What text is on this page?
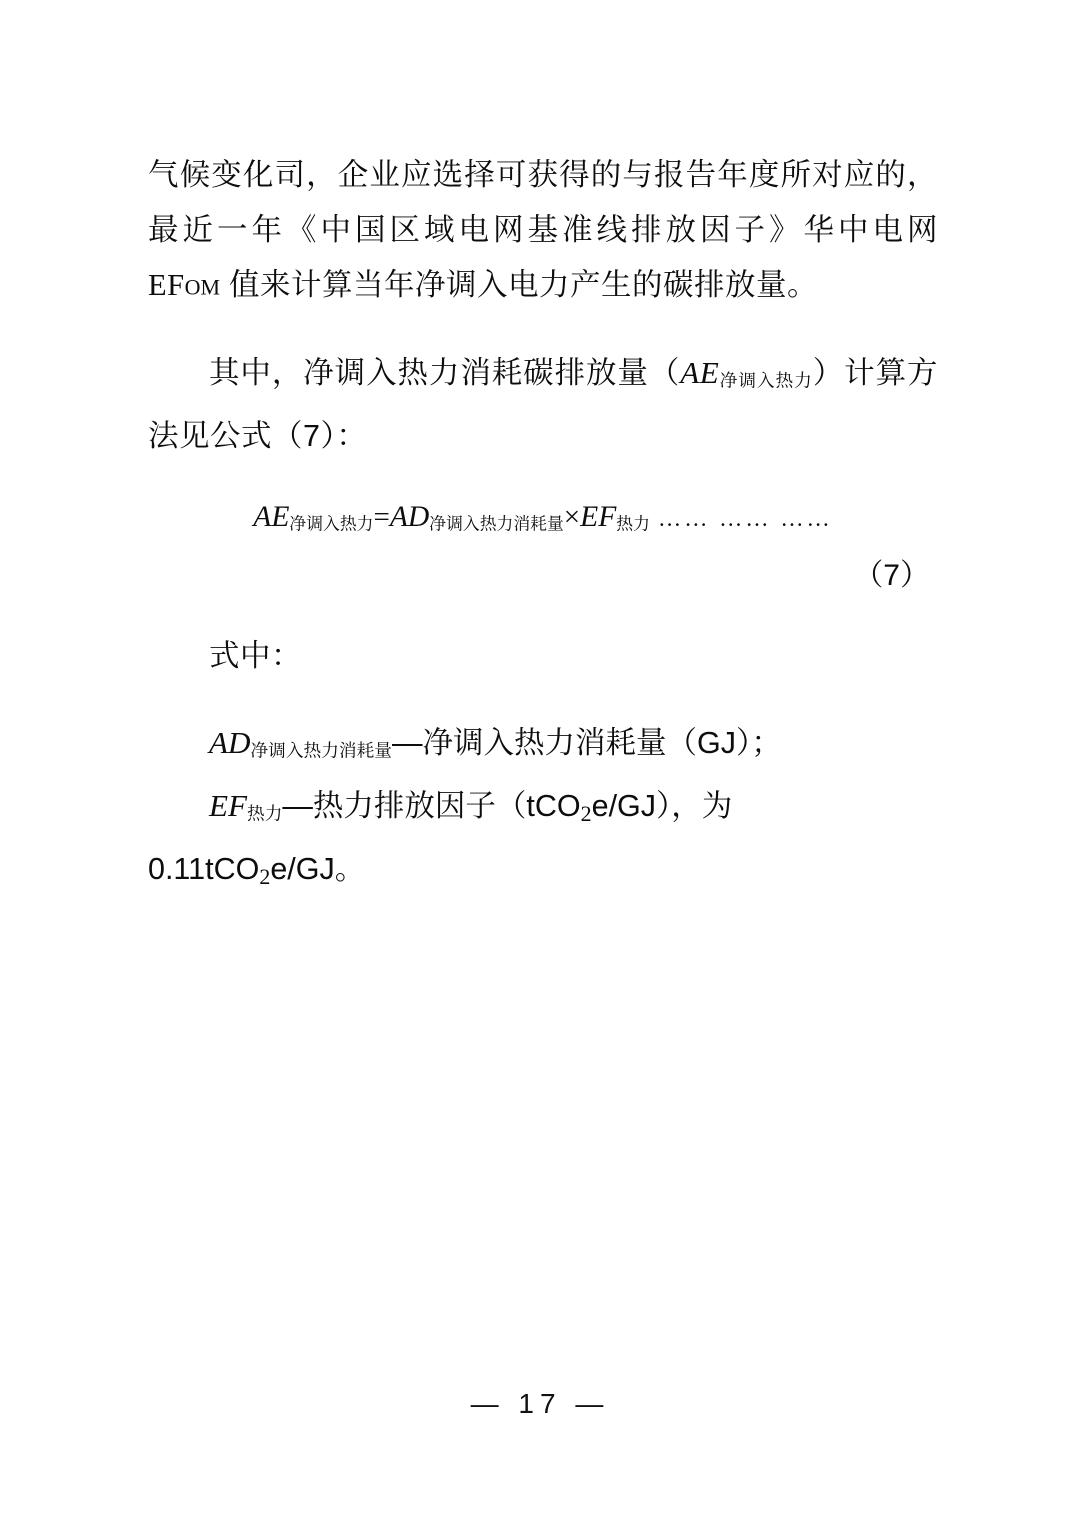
气候变化司，企业应选择可获得的与报告年度所对应的，最近一年《中国区域电网基准线排放因子》华中电网 EFOM 值来计算当年净调入电力产生的碳排放量。

其中，净调入热力消耗碳排放量（AE净调入热力）计算方法见公式（7）：

AE净调入热力=AD净调入热力消耗量×EF热力 …… …… ……
（7）

式中：

AD净调入热力消耗量—净调入热力消耗量（GJ）；
EF热力—热力排放因子（tCO2e/GJ），为 0.11tCO2e/GJ。
— 17 —
